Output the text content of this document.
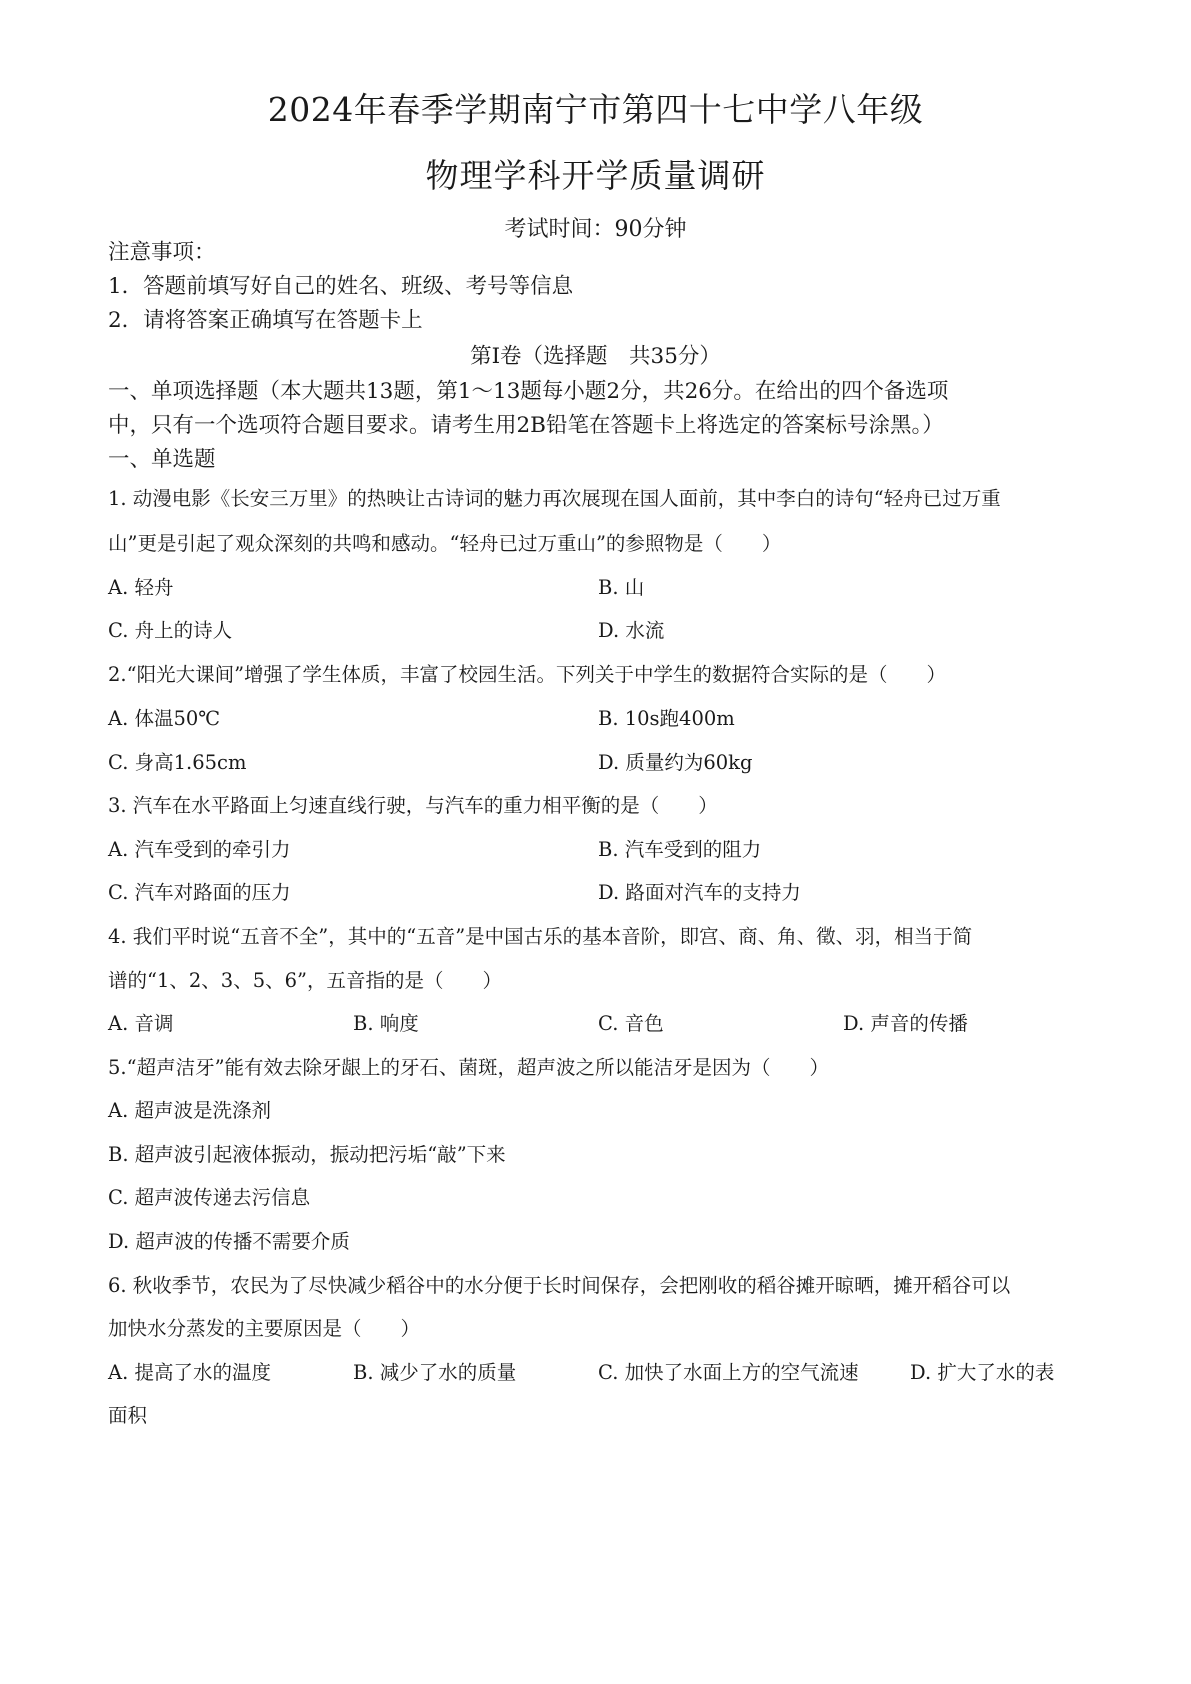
2024年春季学期南宁市第四十七中学八年级
物理学科开学质量调研
考试时间：90分钟
注意事项：
1．答题前填写好自己的姓名、班级、考号等信息
2．请将答案正确填写在答题卡上
第Ⅰ卷（选择题　共35分）
一、单项选择题（本大题共13题，第1～13题每小题2分，共26分。在给出的四个备选项
中，只有一个选项符合题目要求。请考生用2B铅笔在答题卡上将选定的答案标号涂黑。）
一、单选题
1. 动漫电影《长安三万里》的热映让古诗词的魅力再次展现在国人面前，其中李白的诗句“轻舟已过万重
山”更是引起了观众深刻的共鸣和感动。“轻舟已过万重山”的参照物是（　　）
A. 轻舟	B. 山
C. 舟上的诗人	D. 水流
2.“阳光大课间”增强了学生体质，丰富了校园生活。下列关于中学生的数据符合实际的是（　　）
A. 体温50℃	B. 10s跑400m
C. 身高1.65cm	D. 质量约为60kg
3. 汽车在水平路面上匀速直线行驶，与汽车的重力相平衡的是（　　）
A. 汽车受到的牵引力	B. 汽车受到的阻力
C. 汽车对路面的压力	D. 路面对汽车的支持力
4. 我们平时说“五音不全”，其中的“五音”是中国古乐的基本音阶，即宫、商、角、徵、羽，相当于简
谱的“1、2、3、5、6”，五音指的是（　　）
A. 音调	B. 响度	C. 音色	D. 声音的传播
5.“超声洁牙”能有效去除牙龈上的牙石、菌斑，超声波之所以能洁牙是因为（　　）
A. 超声波是洗涤剂
B. 超声波引起液体振动，振动把污垢“敲”下来
C. 超声波传递去污信息
D. 超声波的传播不需要介质
6. 秋收季节，农民为了尽快减少稻谷中的水分便于长时间保存，会把刚收的稻谷摊开晾晒，摊开稻谷可以
加快水分蒸发的主要原因是（　　）
A. 提高了水的温度	B. 减少了水的质量	C. 加快了水面上方的空气流速	D. 扩大了水的表
面积
